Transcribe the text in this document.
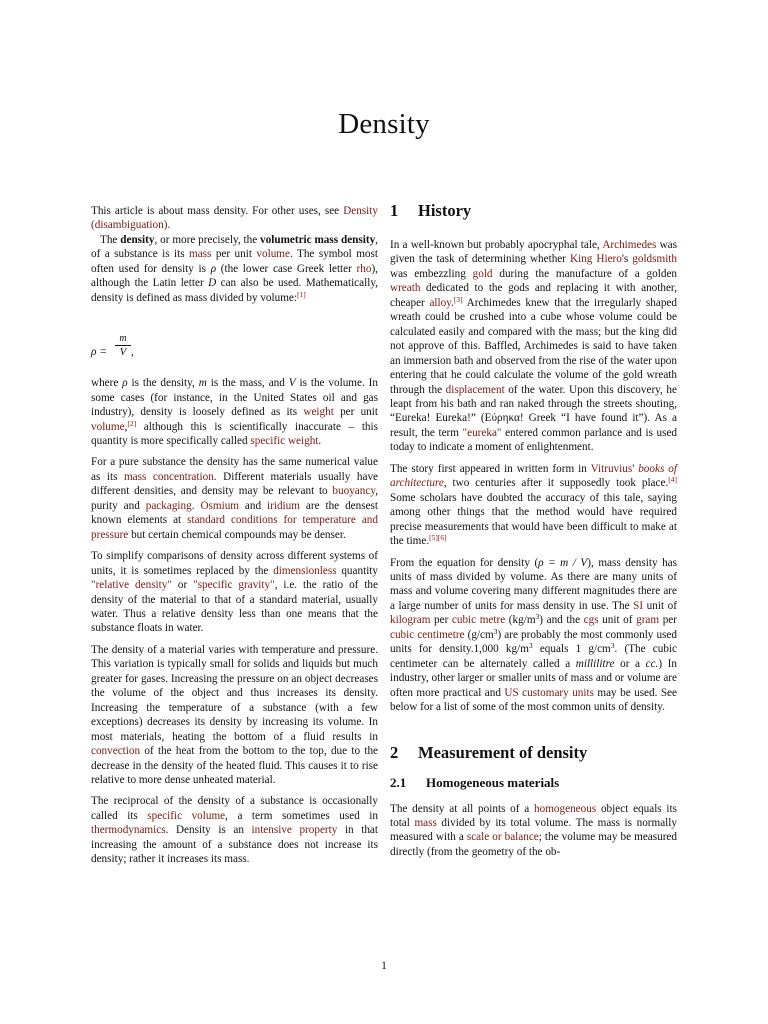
Density

This article is about mass density. For other uses, see Density (disambiguation).

The density, or more precisely, the volumetric mass density, of a substance is its mass per unit volume. The symbol most often used for density is ρ (the lower case Greek letter rho), although the Latin letter D can also be used. Mathematically, density is defined as mass divided by volume:[1]

ρ =
m
V ,

where ρ is the density, m is the mass, and V is the volume. In some cases (for instance, in the United States oil and gas industry), density is loosely defined as its weight per unit volume,[2] although this is scientifically inaccurate – this quantity is more specifically called specific weight.

For a pure substance the density has the same numerical value as its mass concentration. Different materials usually have different densities, and density may be relevant to buoyancy, purity and packaging. Osmium and iridium are the densest known elements at standard conditions for temperature and pressure but certain chemical compounds may be denser.

To simplify comparisons of density across different systems of units, it is sometimes replaced by the dimensionless quantity "relative density" or "specific gravity", i.e. the ratio of the density of the material to that of a standard material, usually water. Thus a relative density less than one means that the substance floats in water.

The density of a material varies with temperature and pressure. This variation is typically small for solids and liquids but much greater for gases. Increasing the pressure on an object decreases the volume of the object and thus increases its density. Increasing the temperature of a substance (with a few exceptions) decreases its density by increasing its volume. In most materials, heating the bottom of a fluid results in convection of the heat from the bottom to the top, due to the decrease in the density of the heated fluid. This causes it to rise relative to more dense unheated material.

The reciprocal of the density of a substance is occasionally called its specific volume, a term sometimes used in thermodynamics. Density is an intensive property in that increasing the amount of a substance does not increase its density; rather it increases its mass.

1 History

In a well-known but probably apocryphal tale, Archimedes was given the task of determining whether King Hiero's goldsmith was embezzling gold during the manufacture of a golden wreath dedicated to the gods and replacing it with another, cheaper alloy.[3] Archimedes knew that the irregularly shaped wreath could be crushed into a cube whose volume could be calculated easily and compared with the mass; but the king did not approve of this. Baffled, Archimedes is said to have taken an immersion bath and observed from the rise of the water upon entering that he could calculate the volume of the gold wreath through the displacement of the water. Upon this discovery, he leapt from his bath and ran naked through the streets shouting, “Eureka! Eureka!” (Εύρηκα! Greek “I have found it”). As a result, the term "eureka" entered common parlance and is used today to indicate a moment of enlightenment.

The story first appeared in written form in Vitruvius' books of architecture, two centuries after it supposedly took place.[4] Some scholars have doubted the accuracy of this tale, saying among other things that the method would have required precise measurements that would have been difficult to make at the time.[5][6]

From the equation for density (ρ = m / V), mass density has units of mass divided by volume. As there are many units of mass and volume covering many different magnitudes there are a large number of units for mass density in use. The SI unit of kilogram per cubic metre $(kg/m^3)$ and the cgs unit of gram per cubic centimetre $(g/cm^3)$ are probably the most commonly used units for density.1,000 $kg/m^3$ equals 1 $g/cm^3$. (The cubic centimeter can be alternately called a millilitre or a cc.) In industry, other larger or smaller units of mass and or volume are often more practical and US customary units may be used. See below for a list of some of the most common units of density.

2 Measurement of density
2.1 Homogeneous materials

The density at all points of a homogeneous object equals its total mass divided by its total volume. The mass is normally measured with a scale or balance; the volume may be measured directly (from the geometry of the ob-

1
